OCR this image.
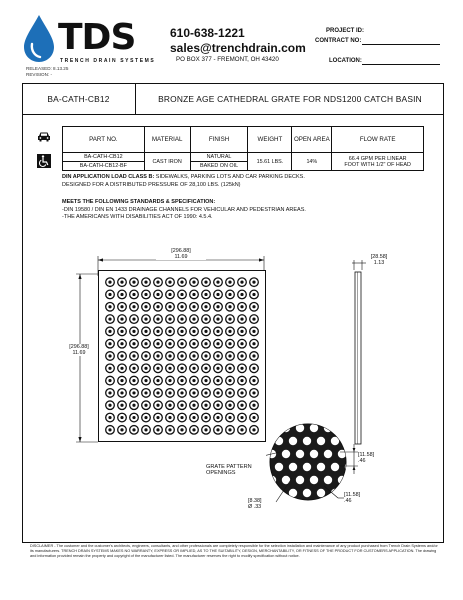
TDS
TRENCH DRAIN SYSTEMS
610-638-1221
sales@trenchdrain.com
PO BOX 377 - FREMONT, OH 43420
PROJECT ID:
CONTRACT NO:
LOCATION:
RELEASED: 8.13.25
REVISION: -
BA-CATH-CB12	BRONZE AGE CATHEDRAL GRATE FOR NDS1200 CATCH BASIN
PART NO.	MATERIAL	FINISH	WEIGHT	OPEN AREA	FLOW RATE
BA-CATH-CB12	CAST IRON	NATURAL	15.61 LBS.	14%	66.4 GPM PER LINEAR
FOOT WITH 1/2" OF HEAD

BA-CATH-CB12-BF		BAKED ON OIL			
DIN APPLICATION LOAD CLASS B: SIDEWALKS, PARKING LOTS AND CAR PARKING DECKS.
DESIGNED FOR A DISTRIBUTED PRESSURE OF 28,100 LBS. (125kN)
MEETS THE FOLLOWING STANDARDS & SPECIFICATION:
-DIN 19580 / DIN EN 1433 DRAINAGE CHANNELS FOR VEHICULAR AND PEDESTRIAN AREAS.
-THE AMERICANS WITH DISABILITIES ACT OF 1990: 4.5.4.
[296.88]
11.69
[296.88]
11.69
[28.58]
1.13
[11.58]
.46
[11.58]
.46
[8.38]
Ø .33
GRATE PATTERN
OPENINGS
DISCLAIMER - The customer and the customer's architects, engineers, consultants, and other professionals are completely responsible for the selection installation and maintenance of any product purchased from Trench Drain Systems and/or its manufacturers. TRENCH DRAIN SYSTEMS MAKES NO WARRANTY, EXPRESS OR IMPLIED, AS TO THE SUITABILITY, DESIGN, MERCHANTABILITY, OR FITNESS OF THE PRODUCT FOR CUSTOMERS APPLICATION. The drawing and information provided remain the property and copyright of the manufacturer listed. The manufacturer reserves the right to modify specification without notice.
